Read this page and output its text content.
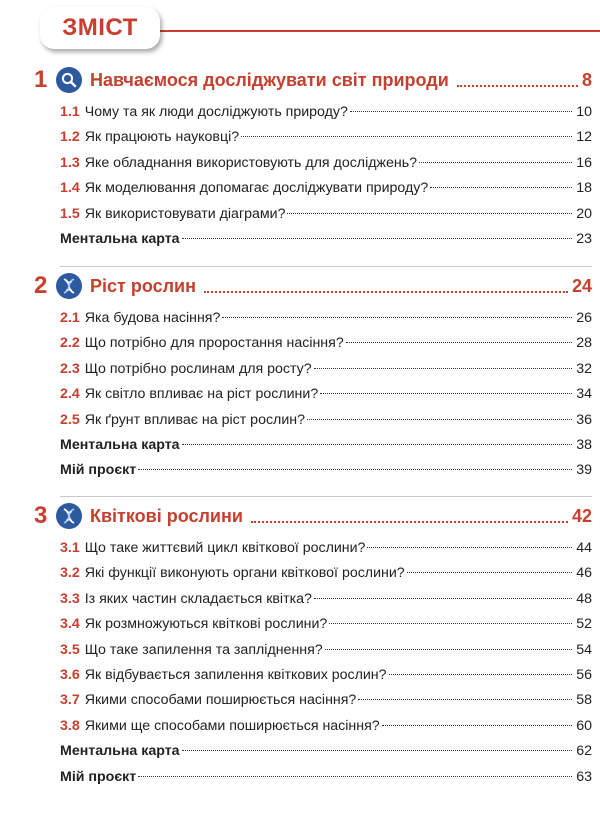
ЗМІСТ
1	Навчаємося досліджувати світ природи	8
1.1 Чому та як люди досліджують природу?	10
1.2 Як працюють науковці?	12
1.3 Яке обладнання використовують для досліджень?	16
1.4 Як моделювання допомагає досліджувати природу?	18
1.5 Як використовувати діаграми?	20
Ментальна карта	23
2	Ріст рослин	24
2.1 Яка будова насіння?	26
2.2 Що потрібно для проростання насіння?	28
2.3 Що потрібно рослинам для росту?	32
2.4 Як світло впливає на ріст рослини?	34
2.5 Як ґрунт впливає на ріст рослин?	36
Ментальна карта	38
Мій проєкт	39
3	Квіткові рослини	42
3.1 Що таке життєвий цикл квіткової рослини?	44
3.2 Які функції виконують органи квіткової рослини?	46
3.3 Із яких частин складається квітка?	48
3.4 Як розмножуються квіткові рослини?	52
3.5 Що таке запилення та запліднення?	54
3.6 Як відбувається запилення квіткових рослин?	56
3.7 Якими способами поширюється насіння?	58
3.8 Якими ще способами поширюється насіння?	60
Ментальна карта	62
Мій проєкт	63
